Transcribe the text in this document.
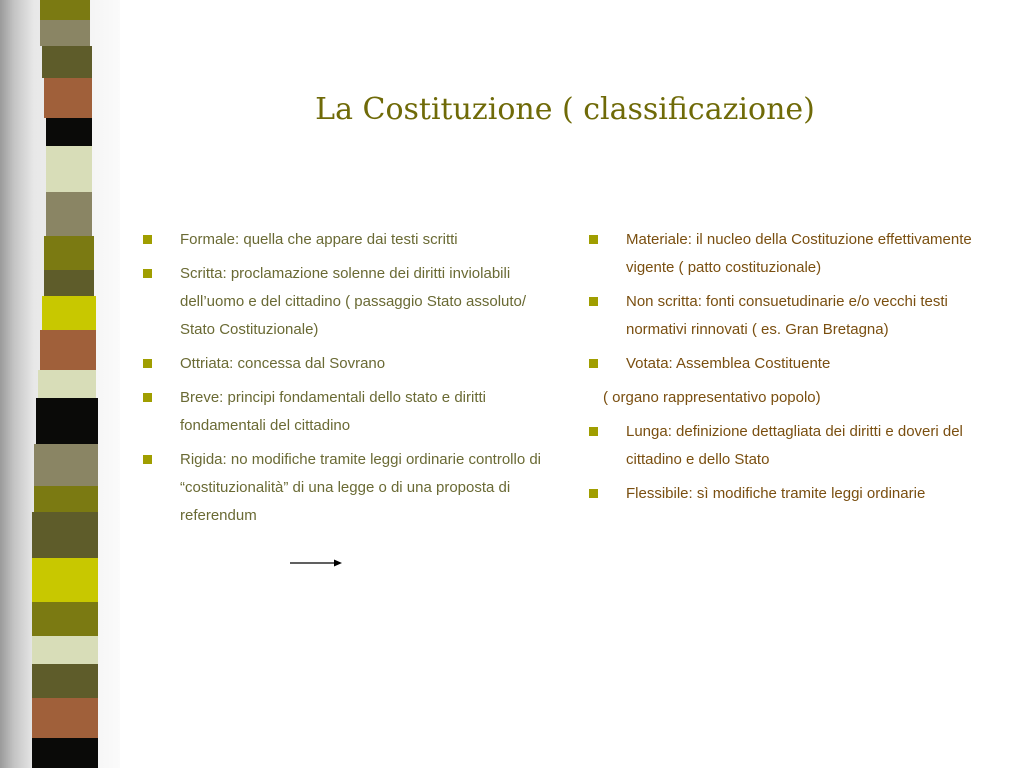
La Costituzione ( classificazione)
Formale: quella che appare dai testi scritti
Scritta: proclamazione solenne dei diritti inviolabili dell’uomo e del cittadino ( passaggio Stato assoluto/ Stato Costituzionale)
Ottriata: concessa dal Sovrano
Breve: principi fondamentali dello stato e diritti fondamentali del cittadino
Rigida: no modifiche tramite leggi ordinarie controllo di “costituzionalità” di una legge o di una proposta di referendum
Materiale: il nucleo della Costituzione effettivamente vigente ( patto costituzionale)
Non scritta: fonti consuetudinarie e/o vecchi testi normativi rinnovati ( es. Gran Bretagna)
Votata: Assemblea Costituente
( organo rappresentativo popolo)
Lunga: definizione dettagliata dei diritti e doveri del cittadino e dello Stato
Flessibile: sì modifiche tramite leggi ordinarie
